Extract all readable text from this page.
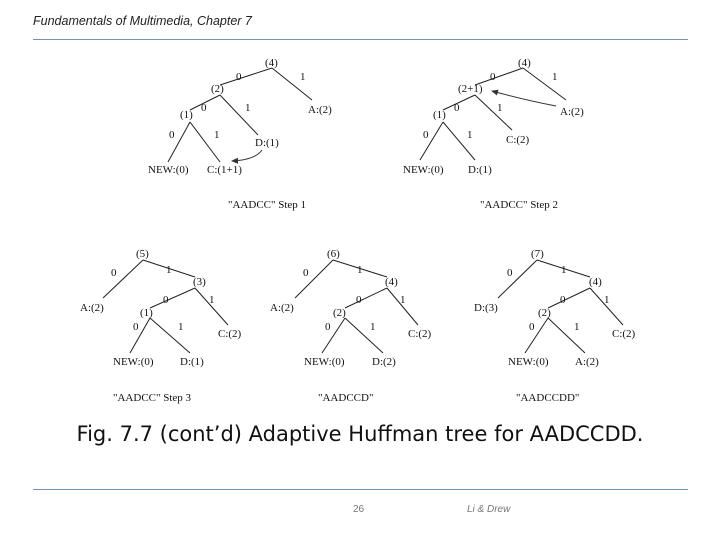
Fundamentals of Multimedia, Chapter 7
(4)
0	1
(2)
A:(2)
0	1
(1)
D:(1)
0	1
NEW:(0) C:(1+1)
"AADCC" Step 1
(4)
0	1
(2+1)
A:(2)
0	1
(1)
C:(2)
0	1
NEW:(0) D:(1)
"AADCC" Step 2
(5)
0	1
A:(2)
(3)
0	1
(1)
C:(2)
0	1
NEW:(0) D:(1)
"AADCC" Step 3
(6)
0	1
A:(2)
(4)
0	1
(2)
C:(2)
0	1
NEW:(0) D:(2)
"AADCCD"
(7)
0	1
D:(3)
(4)
0	1
(2)
C:(2)
0	1
NEW:(0) A:(2)
"AADCCDD"
Fig. 7.7 (cont’d) Adaptive Huffman tree for AADCCDD.
26	Li & Drew
